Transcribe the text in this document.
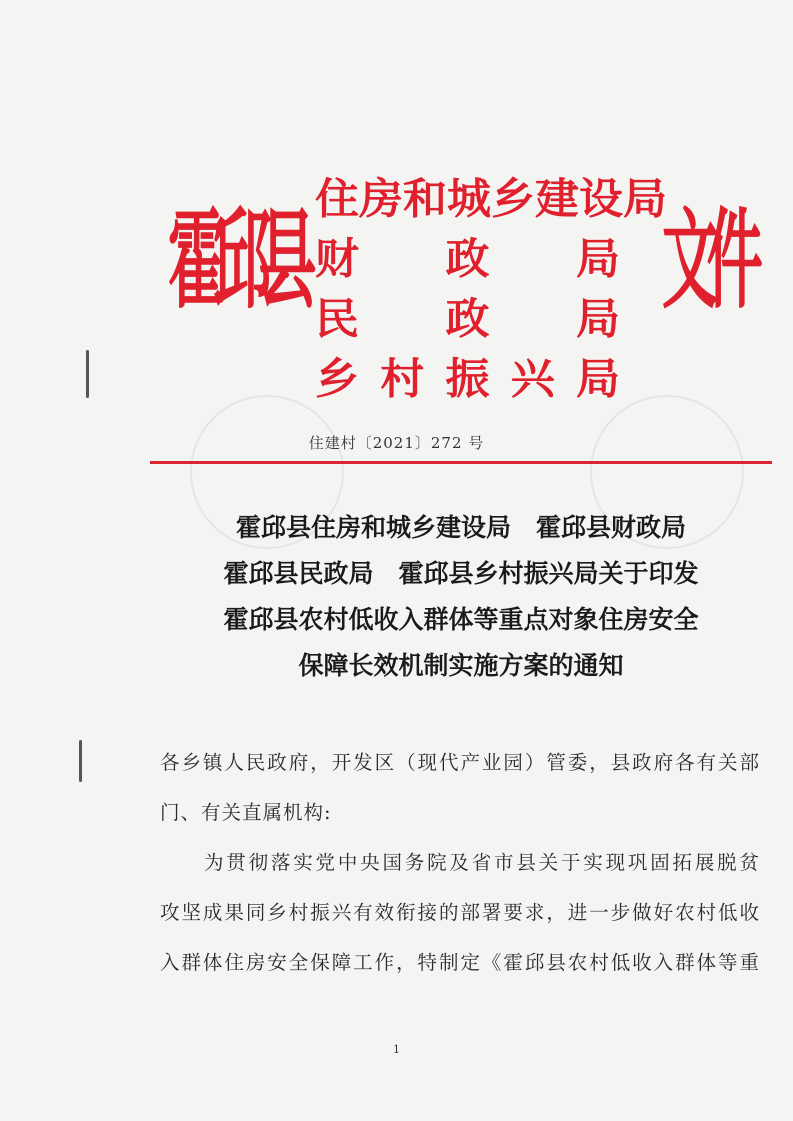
霍邱县 住房和城乡建设局
财政局
民政局
乡村振兴局
文件
住建村〔2021〕272 号
霍邱县住房和城乡建设局　霍邱县财政局
霍邱县民政局　霍邱县乡村振兴局关于印发
霍邱县农村低收入群体等重点对象住房安全
保障长效机制实施方案的通知
各乡镇人民政府，开发区（现代产业园）管委，县政府各有关部
门、有关直属机构:
为贯彻落实党中央国务院及省市县关于实现巩固拓展脱贫
攻坚成果同乡村振兴有效衔接的部署要求，进一步做好农村低收
入群体住房安全保障工作，特制定《霍邱县农村低收入群体等重
1
